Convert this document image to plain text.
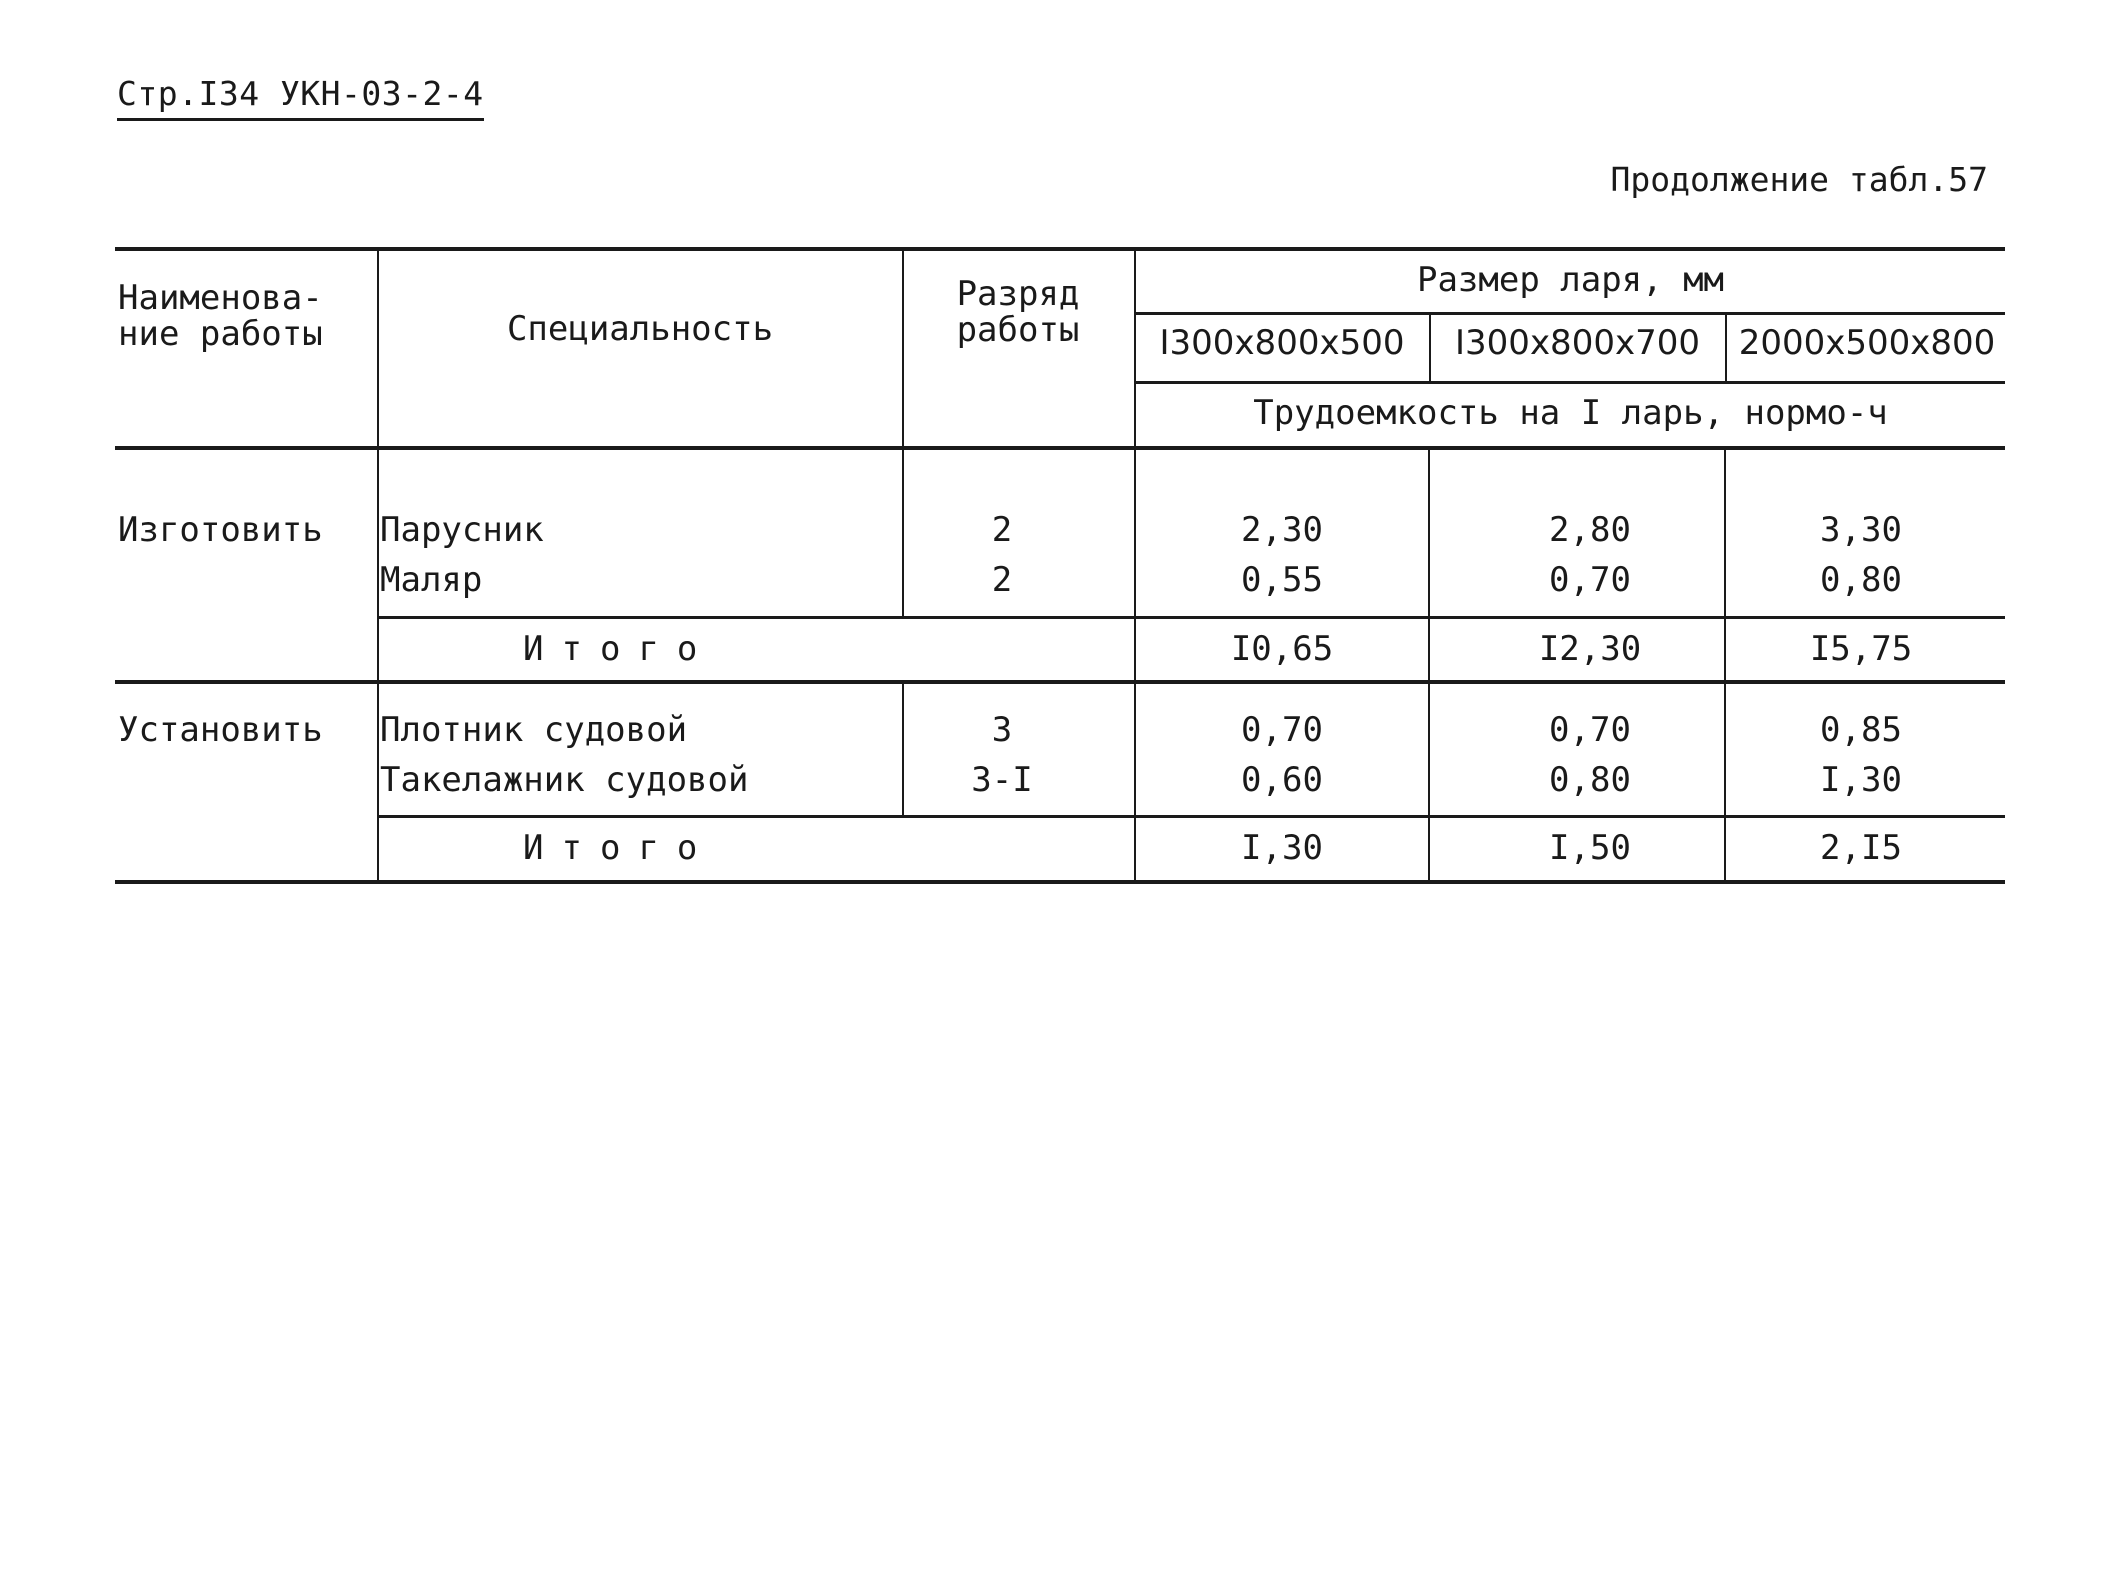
Стр.I34 УКН-03-2-4
Продолжение табл.57
Наименова-
ние работы	Специальность
Разряд
работы
Размер ларя, мм
I300x800x500	I300x800x700	2000x500x800
Трудоемкость на I ларь, нормо-ч
Изготовить	Парусник	2	2,30	2,80	3,30
Маляр	2	0,55	0,70	0,80
Итого	I0,65	I2,30	I5,75
Установить	Плотник судовой	3	0,70	0,70	0,85
Такелажник судовой	3-I	0,60	0,80	I,30
Итого	I,30	I,50	2,I5
